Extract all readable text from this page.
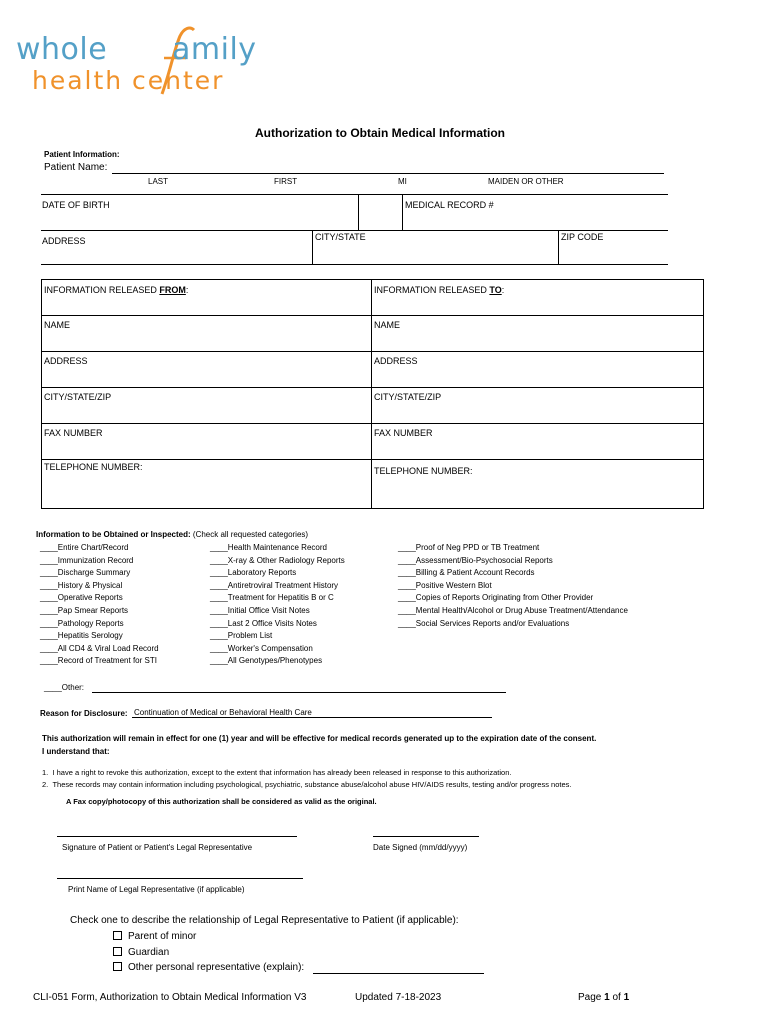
whole amily
health center
Authorization to Obtain Medical Information
Patient Information:
Patient Name:
LAST	FIRST	MI	MAIDEN OR OTHER
DATE OF BIRTH	MEDICAL RECORD #
ADDRESS	CITY/STATE	ZIP CODE
INFORMATION RELEASED FROM:	INFORMATION RELEASED TO:
NAME	NAME
ADDRESS	ADDRESS
CITY/STATE/ZIP	CITY/STATE/ZIP
FAX NUMBER	FAX NUMBER
TELEPHONE NUMBER:	TELEPHONE NUMBER:
Information to be Obtained or Inspected: (Check all requested categories)
____Entire Chart/Record
____Immunization Record
____Discharge Summary
____History & Physical
____Operative Reports
____Pap Smear Reports
____Pathology Reports
____Hepatitis Serology
____All CD4 & Viral Load Record
____Record of Treatment for STI
____Health Maintenance Record
____X-ray & Other Radiology Reports
____Laboratory Reports
____Antiretroviral Treatment History
____Treatment for Hepatitis B or C
____Initial Office Visit Notes
____Last 2 Office Visits Notes
____Problem List
____Worker's Compensation
____All Genotypes/Phenotypes
____Proof of Neg PPD or TB Treatment
____Assessment/Bio-Psychosocial Reports
____Billing & Patient Account Records
____Positive Western Blot
____Copies of Reports Originating from Other Provider
____Mental Health/Alcohol or Drug Abuse Treatment/Attendance
____Social Services Reports and/or Evaluations
____Other:
Reason for Disclosure: Continuation of Medical or Behavioral Health Care
This authorization will remain in effect for one (1) year and will be effective for medical records generated up to the expiration date of the consent.
I understand that:
1. I have a right to revoke this authorization, except to the extent that information has already been released in response to this authorization.
2. These records may contain information including psychological, psychiatric, substance abuse/alcohol abuse HIV/AIDS results, testing and/or progress notes.
A Fax copy/photocopy of this authorization shall be considered as valid as the original.
Signature of Patient or Patient's Legal Representative	Date Signed (mm/dd/yyyy)
Print Name of Legal Representative (if applicable)
Check one to describe the relationship of Legal Representative to Patient (if applicable):
Parent of minor
Guardian
Other personal representative (explain):
CLI-051 Form, Authorization to Obtain Medical Information V3	Updated 7-18-2023	Page 1 of 1
